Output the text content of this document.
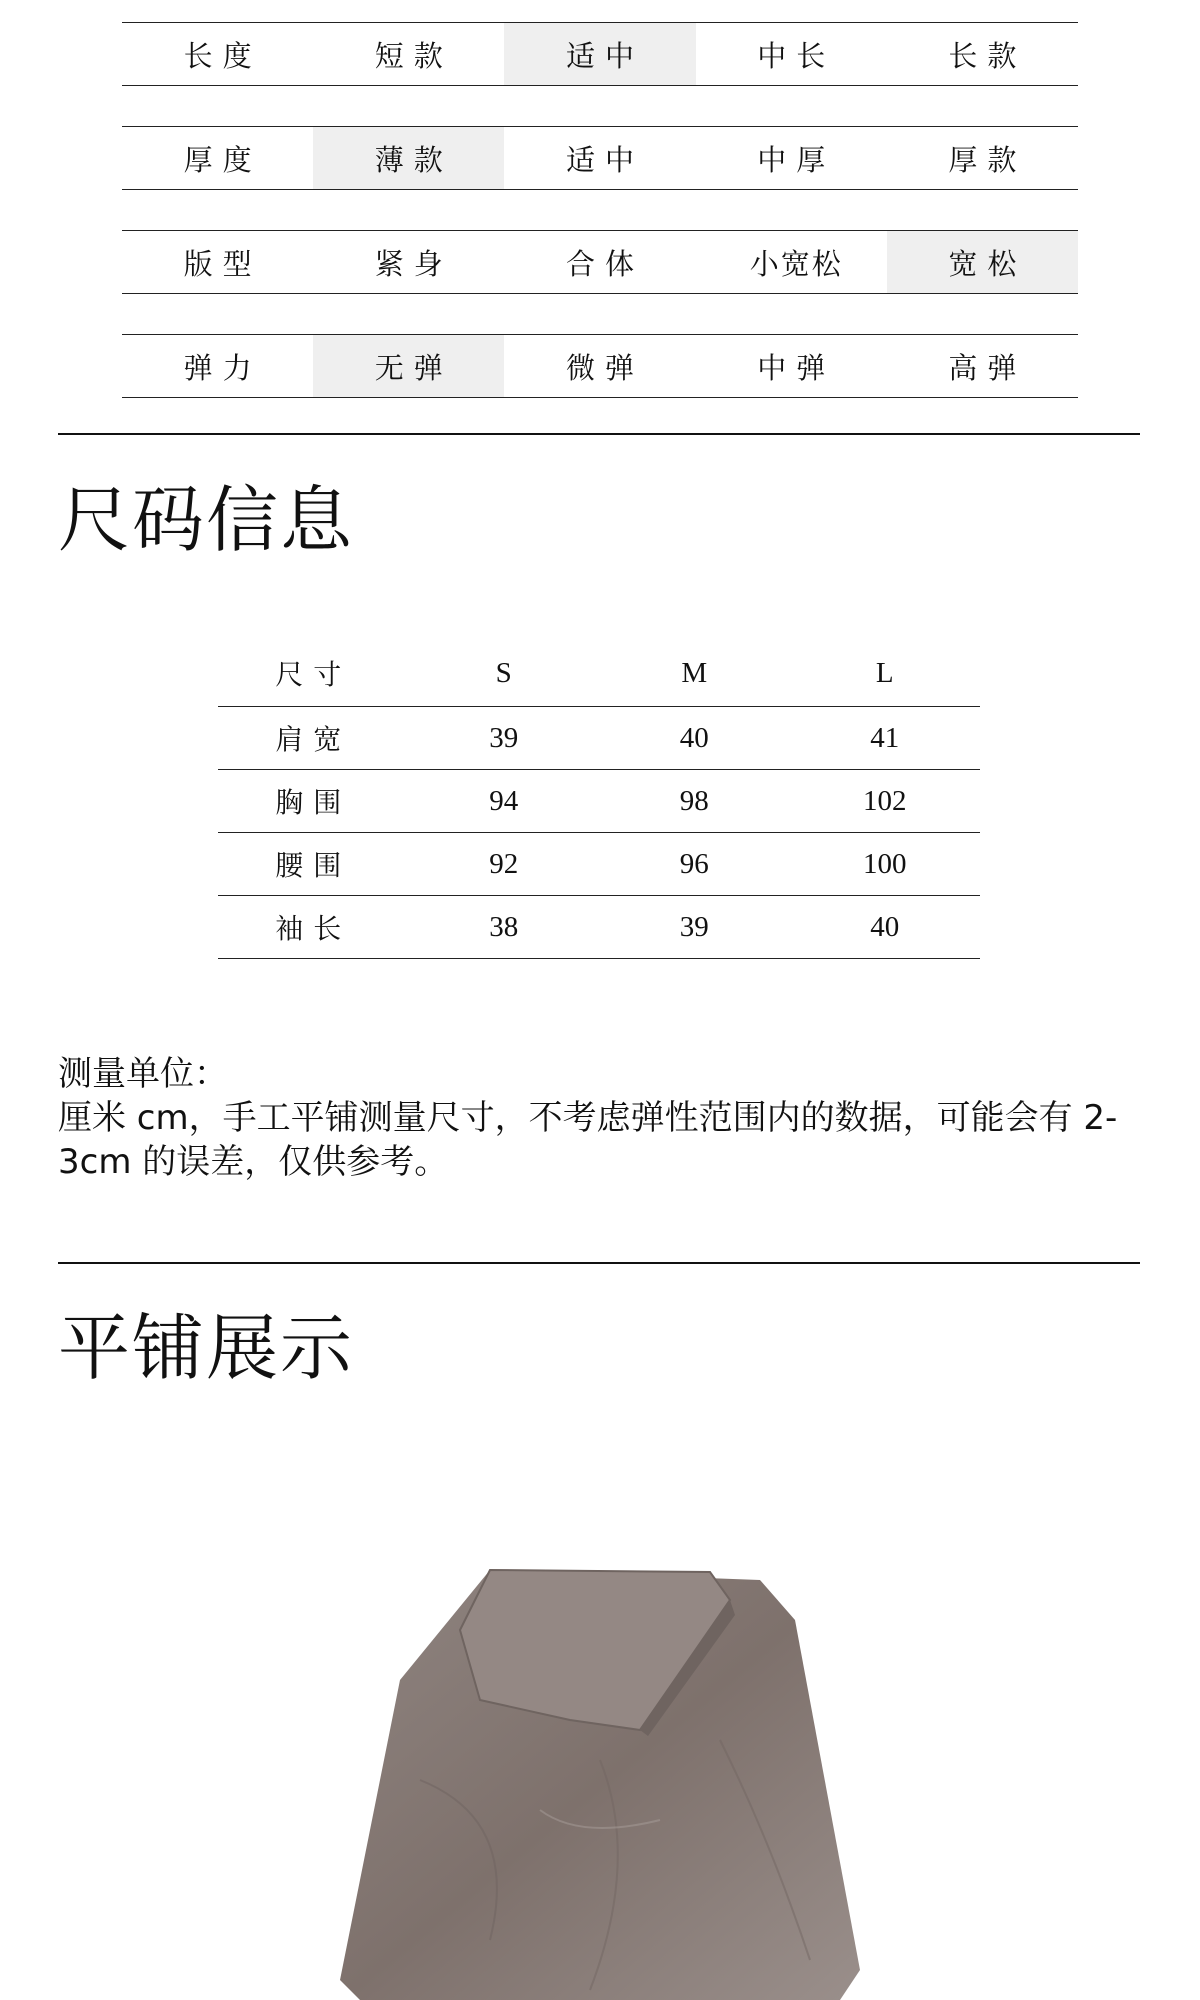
长度	短款	适中	中长	长款
厚度	薄款	适中	中厚	厚款
版型	紧身	合体	小宽松	宽松
弹力	无弹	微弹	中弹	高弹
尺码信息
尺寸	S	M	L
肩宽	39	40	41
胸围	94	98	102
腰围	92	96	100
袖长	38	39	40
测量单位：
厘米 cm，手工平铺测量尺寸，不考虑弹性范围内的数据，可能会有 2-3cm 的误差，仅供参考。
平铺展示
